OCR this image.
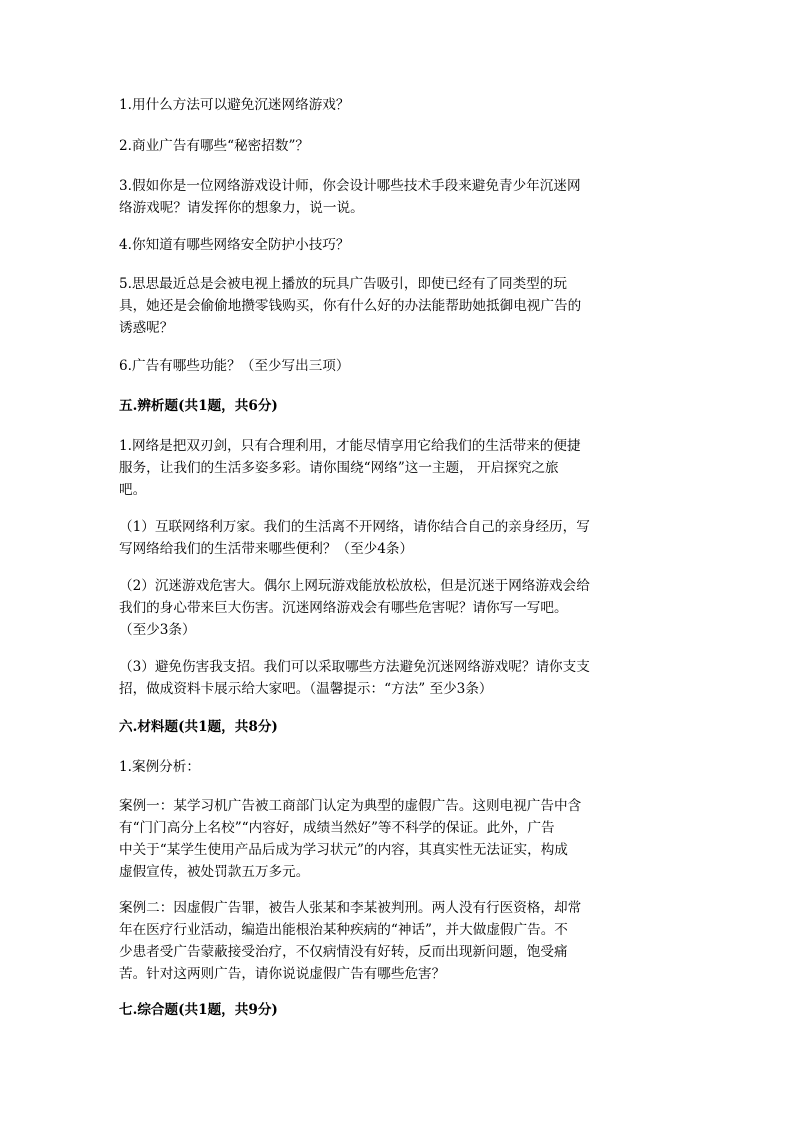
1.用什么方法可以避免沉迷网络游戏？
2.商业广告有哪些“秘密招数”？
3.假如你是一位网络游戏设计师，你会设计哪些技术手段来避免青少年沉迷网
络游戏呢？请发挥你的想象力，说一说。
4.你知道有哪些网络安全防护小技巧？
5.思思最近总是会被电视上播放的玩具广告吸引，即使已经有了同类型的玩
具，她还是会偷偷地攒零钱购买，你有什么好的办法能帮助她抵御电视广告的
诱惑呢？
6.广告有哪些功能？（至少写出三项）
五.辨析题(共1题，共6分)
1.网络是把双刃剑，只有合理利用，才能尽情享用它给我们的生活带来的便捷
服务，让我们的生活多姿多彩。请你围绕“网络”这一主题， 开启探究之旅
吧。
（1）互联网络利万家。我们的生活离不开网络，请你结合自己的亲身经历，写
写网络给我们的生活带来哪些便利？（至少4条）
（2）沉迷游戏危害大。偶尔上网玩游戏能放松放松，但是沉迷于网络游戏会给
我们的身心带来巨大伤害。沉迷网络游戏会有哪些危害呢？请你写一写吧。
（至少3条）
（3）避免伤害我支招。我们可以采取哪些方法避免沉迷网络游戏呢？请你支支
招，做成资料卡展示给大家吧。（温馨提示：“方法” 至少3条）
六.材料题(共1题，共8分)
1.案例分析：
案例一：某学习机广告被工商部门认定为典型的虚假广告。这则电视广告中含
有“门门高分上名校”“内容好，成绩当然好”等不科学的保证。此外，广告
中关于“某学生使用产品后成为学习状元”的内容，其真实性无法证实，构成
虚假宣传，被处罚款五万多元。
案例二：因虚假广告罪，被告人张某和李某被判刑。两人没有行医资格，却常
年在医疗行业活动，编造出能根治某种疾病的“神话”，并大做虚假广告。不
少患者受广告蒙蔽接受治疗，不仅病情没有好转，反而出现新问题，饱受痛
苦。针对这两则广告，请你说说虚假广告有哪些危害？
七.综合题(共1题，共9分)
